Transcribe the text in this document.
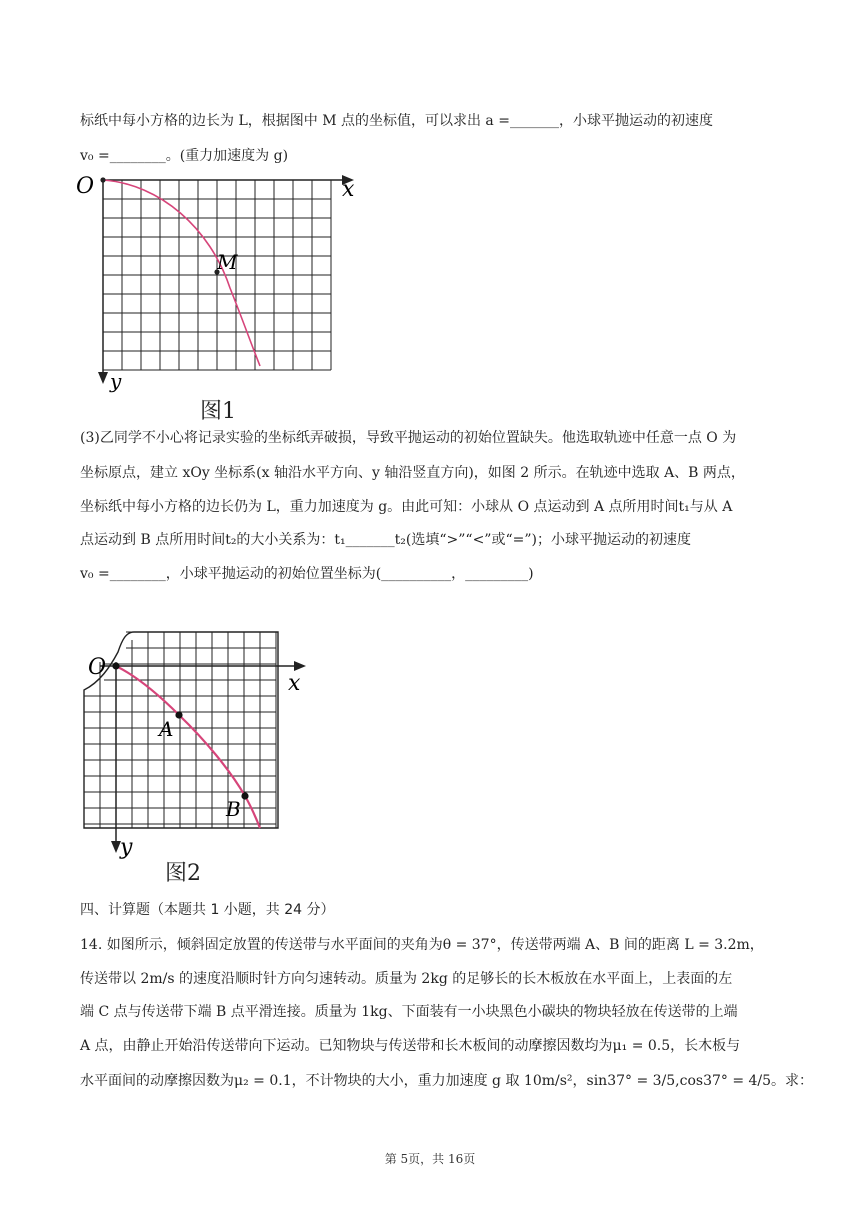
标纸中每小方格的边长为 L，根据图中 M 点的坐标值，可以求出 a =_______，小球平抛运动的初速度
v₀ =________。(重力加速度为 g)
O	x
y
M
图1
(3)乙同学不小心将记录实验的坐标纸弄破损，导致平抛运动的初始位置缺失。他选取轨迹中任意一点 O 为
坐标原点，建立 xOy 坐标系(x 轴沿水平方向、y 轴沿竖直方向)，如图 2 所示。在轨迹中选取 A、B 两点，
坐标纸中每小方格的边长仍为 L，重力加速度为 g。由此可知：小球从 O 点运动到 A 点所用时间t₁与从 A
点运动到 B 点所用时间t₂的大小关系为：t₁_______t₂(选填“>”“<”或“=”)；小球平抛运动的初速度
v₀ =________，小球平抛运动的初始位置坐标为(__________，_________)
O
x
y
A
B
图2
四、计算题（本题共 1 小题，共 24 分）
14. 如图所示，倾斜固定放置的传送带与水平面间的夹角为θ = 37°，传送带两端 A、B 间的距离 L = 3.2m，
传送带以 2m/s 的速度沿顺时针方向匀速转动。质量为 2kg 的足够长的长木板放在水平面上，上表面的左
端 C 点与传送带下端 B 点平滑连接。质量为 1kg、下面装有一小块黑色小碳块的物块轻放在传送带的上端
A 点，由静止开始沿传送带向下运动。已知物块与传送带和长木板间的动摩擦因数均为μ₁ = 0.5，长木板与
水平面间的动摩擦因数为μ₂ = 0.1，不计物块的大小，重力加速度 g 取 10m/s²，sin37° = 3/5,cos37° = 4/5。求：
第 5页，共 16页
